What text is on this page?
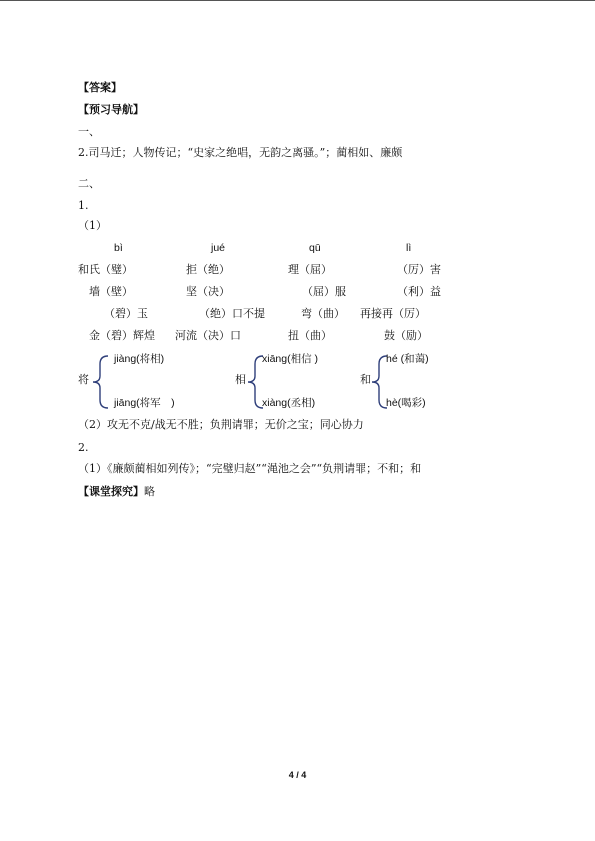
【答案】
【预习导航】
一、
2.司马迁；人物传记；“史家之绝唱，无韵之离骚。”；蔺相如、廉颇
二、
1.
（1）
bì	jué	qū	lì
和氏（璧）	拒（绝）	理（屈）	（厉）害
墙（壁）	坚（决）	（屈）服	（利）益
（碧）玉	（绝）口不提	弯（曲） 再接再（厉）
金（碧）辉煌 河流（决）口	扭（曲）	鼓（励）
将
jiàng(将相)
jiāng(将军　)
相
xiāng(相信 )
xiàng(丞相)
和
hé (和蔼)
hè(喝彩)
（2）攻无不克/战无不胜；负荆请罪；无价之宝；同心协力
2.
（1）《廉颇蔺相如列传》；“完璧归赵”“渑池之会”“负荆请罪；不和；和
【课堂探究】略
4 / 4
